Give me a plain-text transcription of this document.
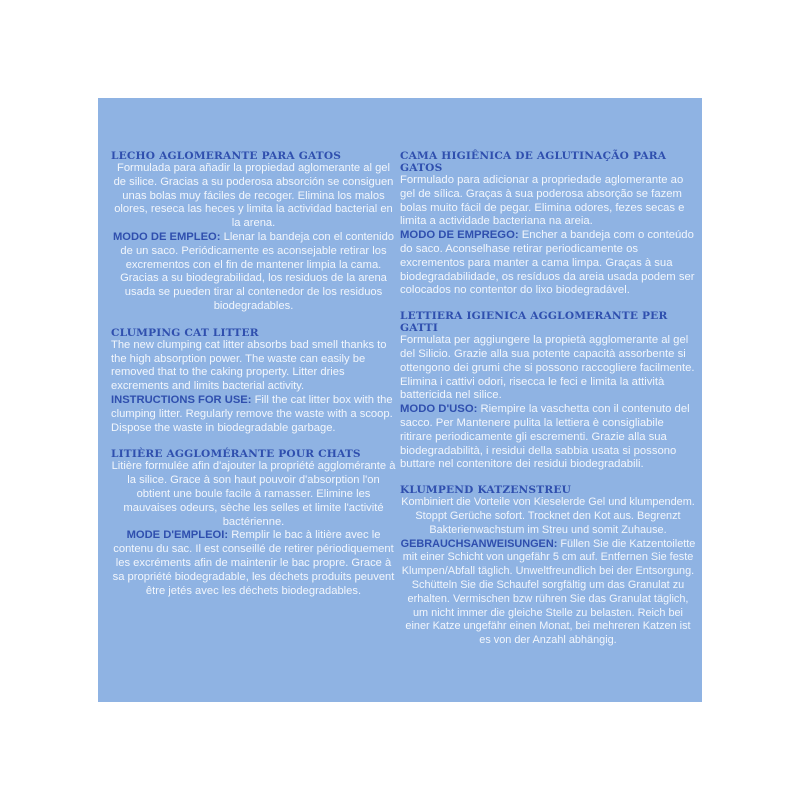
LECHO AGLOMERANTE PARA GATOS

Formulada para añadir la propiedad aglomerante al gel de silice. Gracias a su poderosa absorción se consiguen unas bolas muy fáciles de recoger. Elimina los malos olores, reseca las heces y limita la actividad bacterial en la arena.

MODO DE EMPLEO: Llenar la bandeja con el contenido de un saco. Periódicamente es aconsejable retirar los excrementos con el fin de mantener limpia la cama. Gracias a su biodegrabilidad, los residuos de la arena usada se pueden tirar al contenedor de los residuos biodegradables.

CLUMPING CAT LITTER

The new clumping cat litter absorbs bad smell thanks to the high absorption power. The waste can easily be removed that to the caking property. Litter dries excrements and limits bacterial activity.

INSTRUCTIONS FOR USE: Fill the cat litter box with the clumping litter. Regularly remove the waste with a scoop. Dispose the waste in biodegradable garbage.

LITIÈRE AGGLOMÉRANTE POUR CHATS

Litière formulée afin d'ajouter la propriété agglomérante à la silice. Grace à son haut pouvoir d'absorption l'on obtient une boule facile à ramasser. Elimine les mauvaises odeurs, sèche les selles et limite l'activité bactérienne.

MODE D'EMPLEOI: Remplir le bac à litière avec le contenu du sac. Il est conseillé de retirer périodiquement les excréments afin de maintenir le bac propre. Grace à sa propriété biodegradable, les déchets produits peuvent être jetés avec les déchets biodegradables.

CAMA HIGIÊNICA DE AGLUTINAÇÃO PARA GATOS

Formulado para adicionar a propriedade aglomerante ao gel de sílica. Graças à sua poderosa absorção se fazem bolas muito fácil de pegar. Elimina odores, fezes secas e limita a actividade bacteriana na areia.

MODO DE EMPREGO: Encher a bandeja com o conteúdo do saco. Aconselhase retirar periodicamente os excrementos para manter a cama limpa. Graças à sua biodegradabilidade, os resíduos da areia usada podem ser colocados no contentor do lixo biodegradável.

LETTIERA IGIENICA AGGLOMERANTE PER GATTI

Formulata per aggiungere la propietà agglomerante al gel del Silicio. Grazie alla sua potente capacità assorbente si ottengono dei grumi che si possono raccogliere facilmente. Elimina i cattivi odori, risecca le feci e limita la attività battericida nel silice.

MODO D'USO: Riempire la vaschetta con il contenuto del sacco. Per Mantenere pulita la lettiera è consigliabile ritirare periodicamente gli escrementi. Grazie alla sua biodegradabilità, i residui della sabbia usata si possono buttare nel contenitore dei residui biodegradabili.

KLUMPEND KATZENSTREU

Kombiniert die Vorteile von Kieselerde Gel und klumpendem. Stoppt Gerüche sofort. Trocknet den Kot aus. Begrenzt Bakterienwachstum im Streu und somit Zuhause.

GEBRAUCHSANWEISUNGEN: Füllen Sie die Katzentoilette mit einer Schicht von ungefähr 5 cm auf. Entfernen Sie feste Klumpen/Abfall täglich. Unweltfreundlich bei der Entsorgung. Schütteln Sie die Schaufel sorgfältig um das Granulat zu erhalten. Vermischen bzw rühren Sie das Granulat täglich, um nicht immer die gleiche Stelle zu belasten. Reich bei einer Katze ungefähr einen Monat, bei mehreren Katzen ist es von der Anzahl abhängig.
